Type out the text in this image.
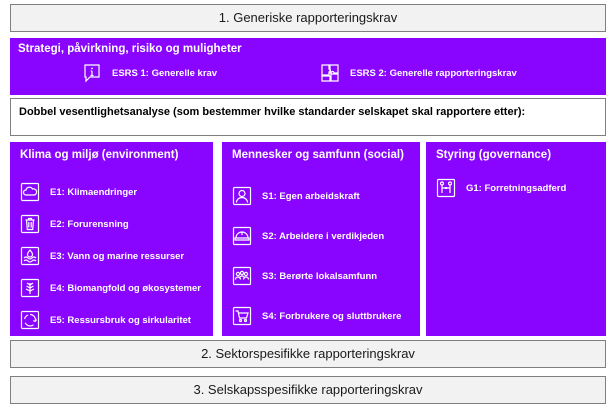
1. Generiske rapporteringskrav
Strategi, påvirkning, risiko og muligheter
ESRS 1: Generelle krav	ESRS 2: Generelle rapporteringskrav
Dobbel vesentlighetsanalyse (som bestemmer hvilke standarder selskapet skal rapportere etter):
Klima og miljø (environment)
E1: Klimaendringer
E2: Forurensning
E3: Vann og marine ressurser
E4: Biomangfold og økosystemer
E5: Ressursbruk og sirkularitet
Mennesker og samfunn (social)
S1: Egen arbeidskraft
S2: Arbeidere i verdikjeden
S3: Berørte lokalsamfunn
S4: Forbrukere og sluttbrukere
Styring (governance)
G1: Forretningsadferd
2. Sektorspesifikke rapporteringskrav
3. Selskapsspesifikke rapporteringskrav
